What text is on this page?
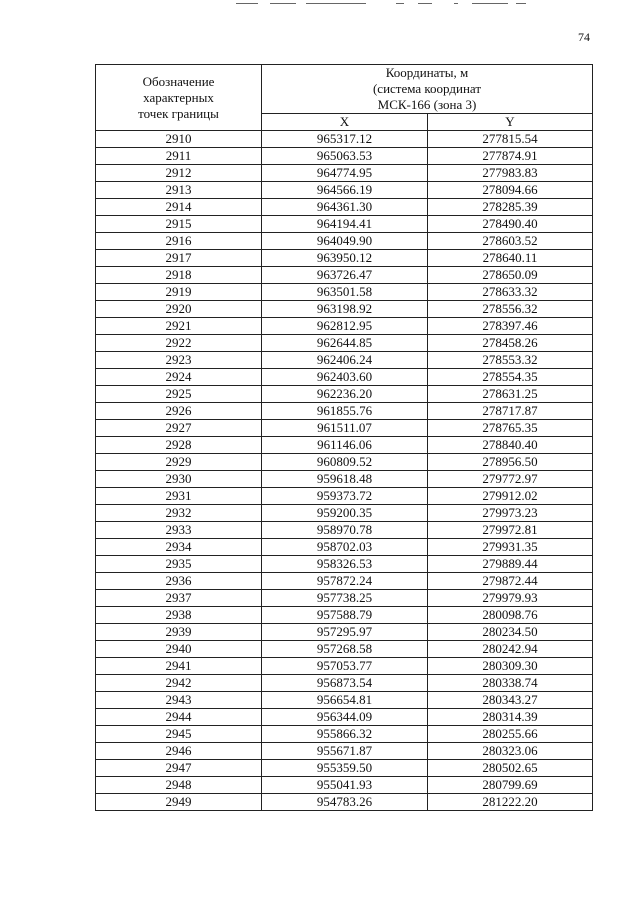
74
Обозначение
характерных
точек границы	Координаты, м
(система координат
МСК-166 (зона 3)	

	X	Y
2910	965317.12	277815.54
2911	965063.53	277874.91
2912	964774.95	277983.83
2913	964566.19	278094.66
2914	964361.30	278285.39
2915	964194.41	278490.40
2916	964049.90	278603.52
2917	963950.12	278640.11
2918	963726.47	278650.09
2919	963501.58	278633.32
2920	963198.92	278556.32
2921	962812.95	278397.46
2922	962644.85	278458.26
2923	962406.24	278553.32
2924	962403.60	278554.35
2925	962236.20	278631.25
2926	961855.76	278717.87
2927	961511.07	278765.35
2928	961146.06	278840.40
2929	960809.52	278956.50
2930	959618.48	279772.97
2931	959373.72	279912.02
2932	959200.35	279973.23
2933	958970.78	279972.81
2934	958702.03	279931.35
2935	958326.53	279889.44
2936	957872.24	279872.44
2937	957738.25	279979.93
2938	957588.79	280098.76
2939	957295.97	280234.50
2940	957268.58	280242.94
2941	957053.77	280309.30
2942	956873.54	280338.74
2943	956654.81	280343.27
2944	956344.09	280314.39
2945	955866.32	280255.66
2946	955671.87	280323.06
2947	955359.50	280502.65
2948	955041.93	280799.69
2949	954783.26	281222.20
